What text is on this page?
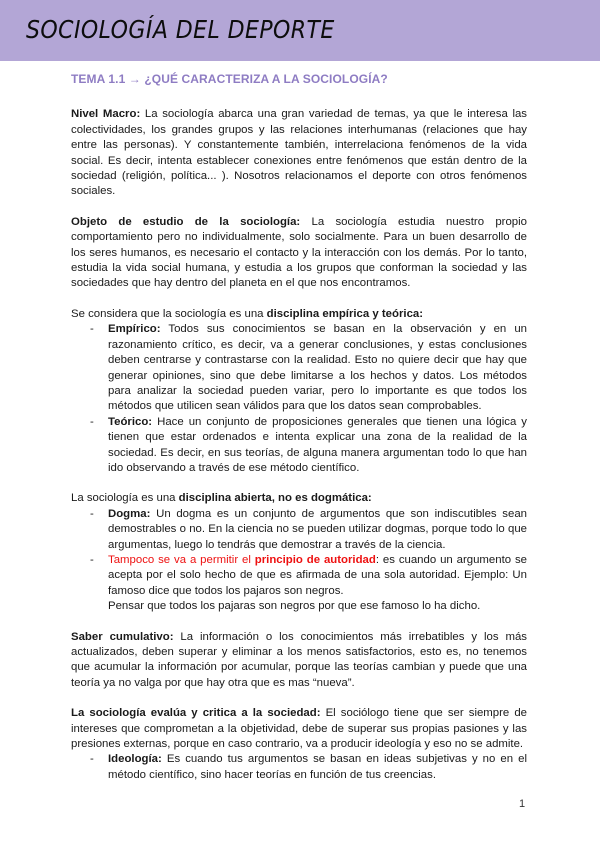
SOCIOLOGÍA DEL DEPORTE
TEMA 1.1 → ¿QUÉ CARACTERIZA A LA SOCIOLOGÍA?

Nivel Macro: La sociología abarca una gran variedad de temas, ya que le interesa las colectividades, los grandes grupos y las relaciones interhumanas (relaciones que hay entre las personas). Y constantemente también, interrelaciona fenómenos de la vida social. Es decir, intenta establecer conexiones entre fenómenos que están dentro de la sociedad (religión, política... ). Nosotros relacionamos el deporte con otros fenómenos sociales.

Objeto de estudio de la sociología: La sociología estudia nuestro propio comportamiento pero no individualmente, solo socialmente. Para un buen desarrollo de los seres humanos, es necesario el contacto y la interacción con los demás. Por lo tanto, estudia la vida social humana, y estudia a los grupos que conforman la sociedad y las sociedades que hay dentro del planeta en el que nos encontramos.

Se considera que la sociología es una disciplina empírica y teórica:

- Empírico: Todos sus conocimientos se basan en la observación y en un razonamiento crítico, es decir, va a generar conclusiones, y estas conclusiones deben centrarse y contrastarse con la realidad. Esto no quiere decir que hay que generar opiniones, sino que debe limitarse a los hechos y datos. Los métodos para analizar la sociedad pueden variar, pero lo importante es que todos los métodos que utilicen sean válidos para que los datos sean comprobables.
- Teórico: Hace un conjunto de proposiciones generales que tienen una lógica y tienen que estar ordenados e intenta explicar una zona de la realidad de la sociedad. Es decir, en sus teorías, de alguna manera argumentan todo lo que han ido observando a través de ese método científico.

La sociología es una disciplina abierta, no es dogmática:

- Dogma: Un dogma es un conjunto de argumentos que son indiscutibles sean demostrables o no. En la ciencia no se pueden utilizar dogmas, porque todo lo que argumentas, luego lo tendrás que demostrar a través de la ciencia.
- Tampoco se va a permitir el principio de autoridad: es cuando un argumento se acepta por el solo hecho de que es afirmada de una sola autoridad. Ejemplo: Un famoso dice que todos los pajaros son negros.
Pensar que todos los pajaras son negros por que ese famoso lo ha dicho.

Saber cumulativo: La información o los conocimientos más irrebatibles y los más actualizados, deben superar y eliminar a los menos satisfactorios, esto es, no tenemos que acumular la información por acumular, porque las teorías cambian y puede que una teoría ya no valga por que hay otra que es mas “nueva”.

La sociología evalúa y critica a la sociedad: El sociólogo tiene que ser siempre de intereses que comprometan a la objetividad, debe de superar sus propias pasiones y las presiones externas, porque en caso contrario, va a producir ideología y eso no se admite.

- Ideología: Es cuando tus argumentos se basan en ideas subjetivas y no en el método científico, sino hacer teorías en función de tus creencias.
1
